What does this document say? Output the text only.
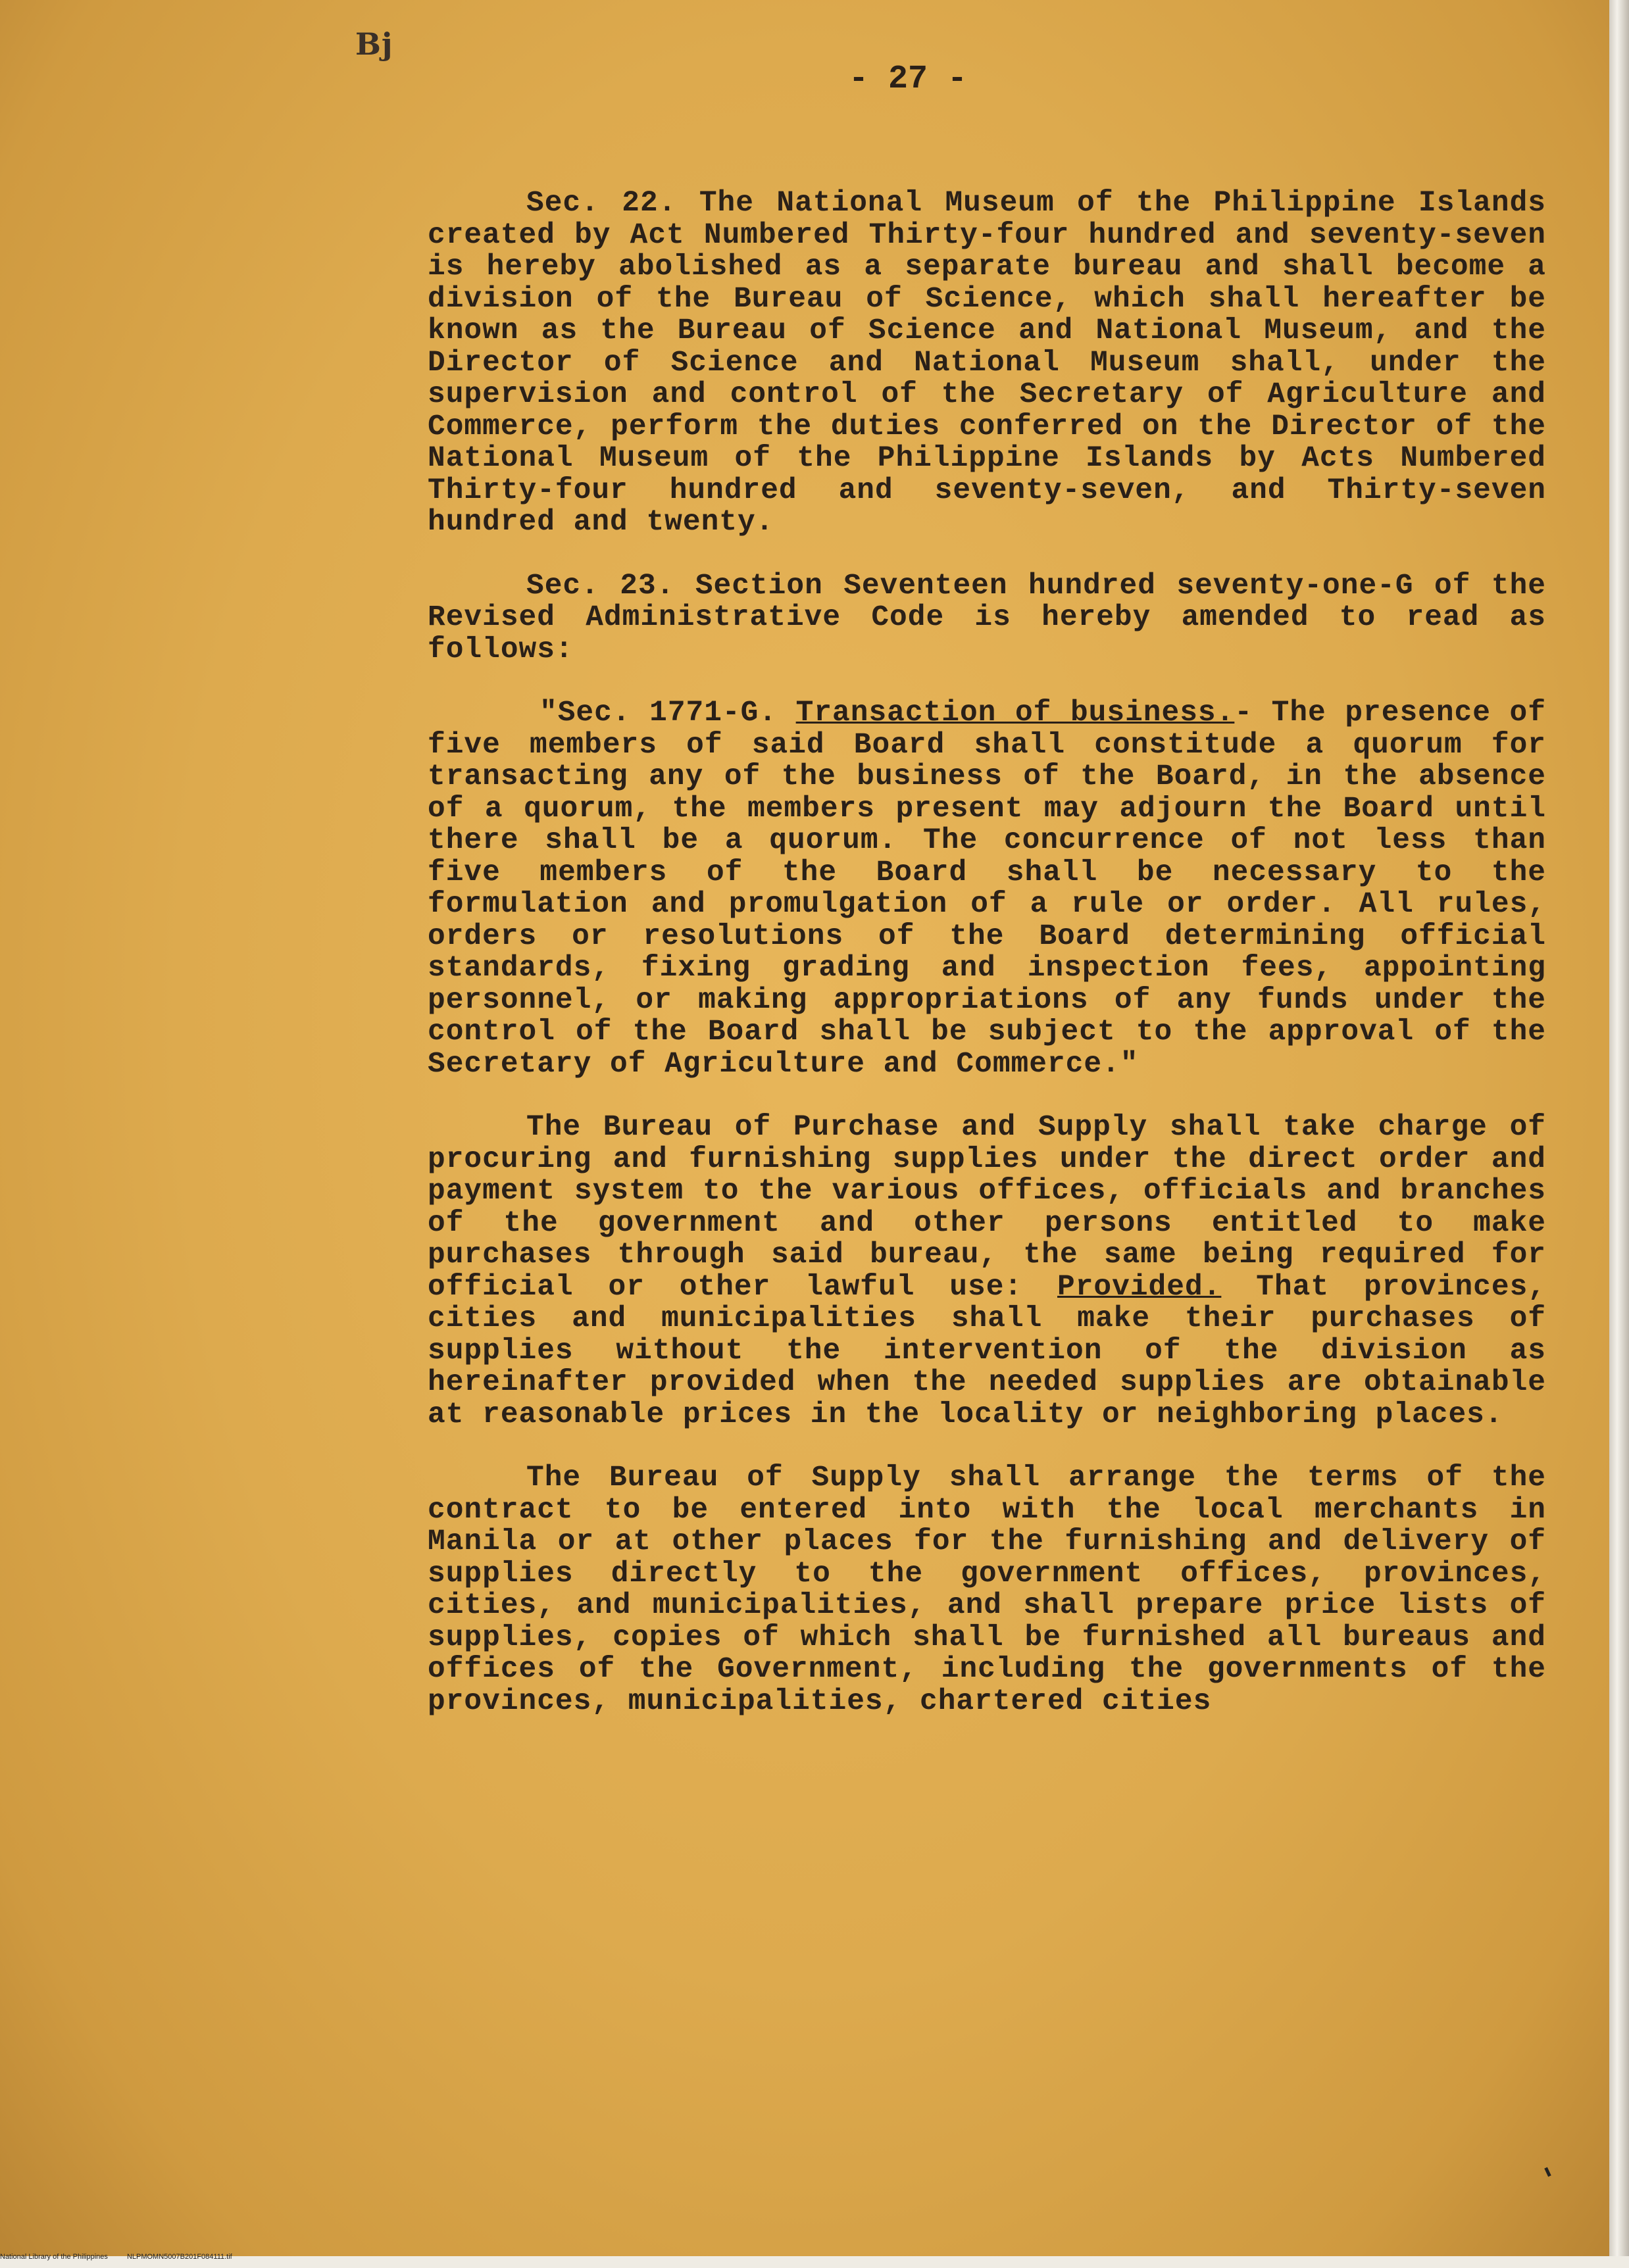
Bj
- 27 -

Sec. 22. The National Museum of the Philippine Islands created by Act Numbered Thirty-four hundred and seventy-seven is hereby abolished as a separate bureau and shall become a division of the Bureau of Science, which shall hereafter be known as the Bureau of Science and National Museum, and the Director of Science and National Museum shall, under the supervision and control of the Secretary of Agriculture and Commerce, perform the duties conferred on the Director of the National Museum of the Philippine Islands by Acts Numbered Thirty-four hundred and seventy-seven, and Thirty-seven hundred and twenty.

Sec. 23. Section Seventeen hundred seventy-one-G of the Revised Administrative Code is hereby amended to read as follows:

"Sec. 1771-G. Transaction of business.- The presence of five members of said Board shall constitude a quorum for transacting any of the business of the Board, in the absence of a quorum, the members present may adjourn the Board until there shall be a quorum. The concurrence of not less than five members of the Board shall be necessary to the formulation and promulgation of a rule or order. All rules, orders or resolutions of the Board determining official standards, fixing grading and inspection fees, appointing personnel, or making appropriations of any funds under the control of the Board shall be subject to the approval of the Secretary of Agriculture and Commerce."

The Bureau of Purchase and Supply shall take charge of procuring and furnishing supplies under the direct order and payment system to the various offices, officials and branches of the government and other persons entitled to make purchases through said bureau, the same being required for official or other lawful use: Provided. That provinces, cities and municipalities shall make their purchases of supplies without the intervention of the division as hereinafter provided when the needed supplies are obtainable at reasonable prices in the locality or neighboring places.

The Bureau of Supply shall arrange the terms of the contract to be entered into with the local merchants in Manila or at other places for the furnishing and delivery of supplies directly to the government offices, provinces, cities, and municipalities, and shall prepare price lists of supplies, copies of which shall be furnished all bureaus and offices of the Government, including the governments of the provinces, municipalities, chartered cities

National Library of the Philippines	NLPMOMN5007B201F084111.tif
